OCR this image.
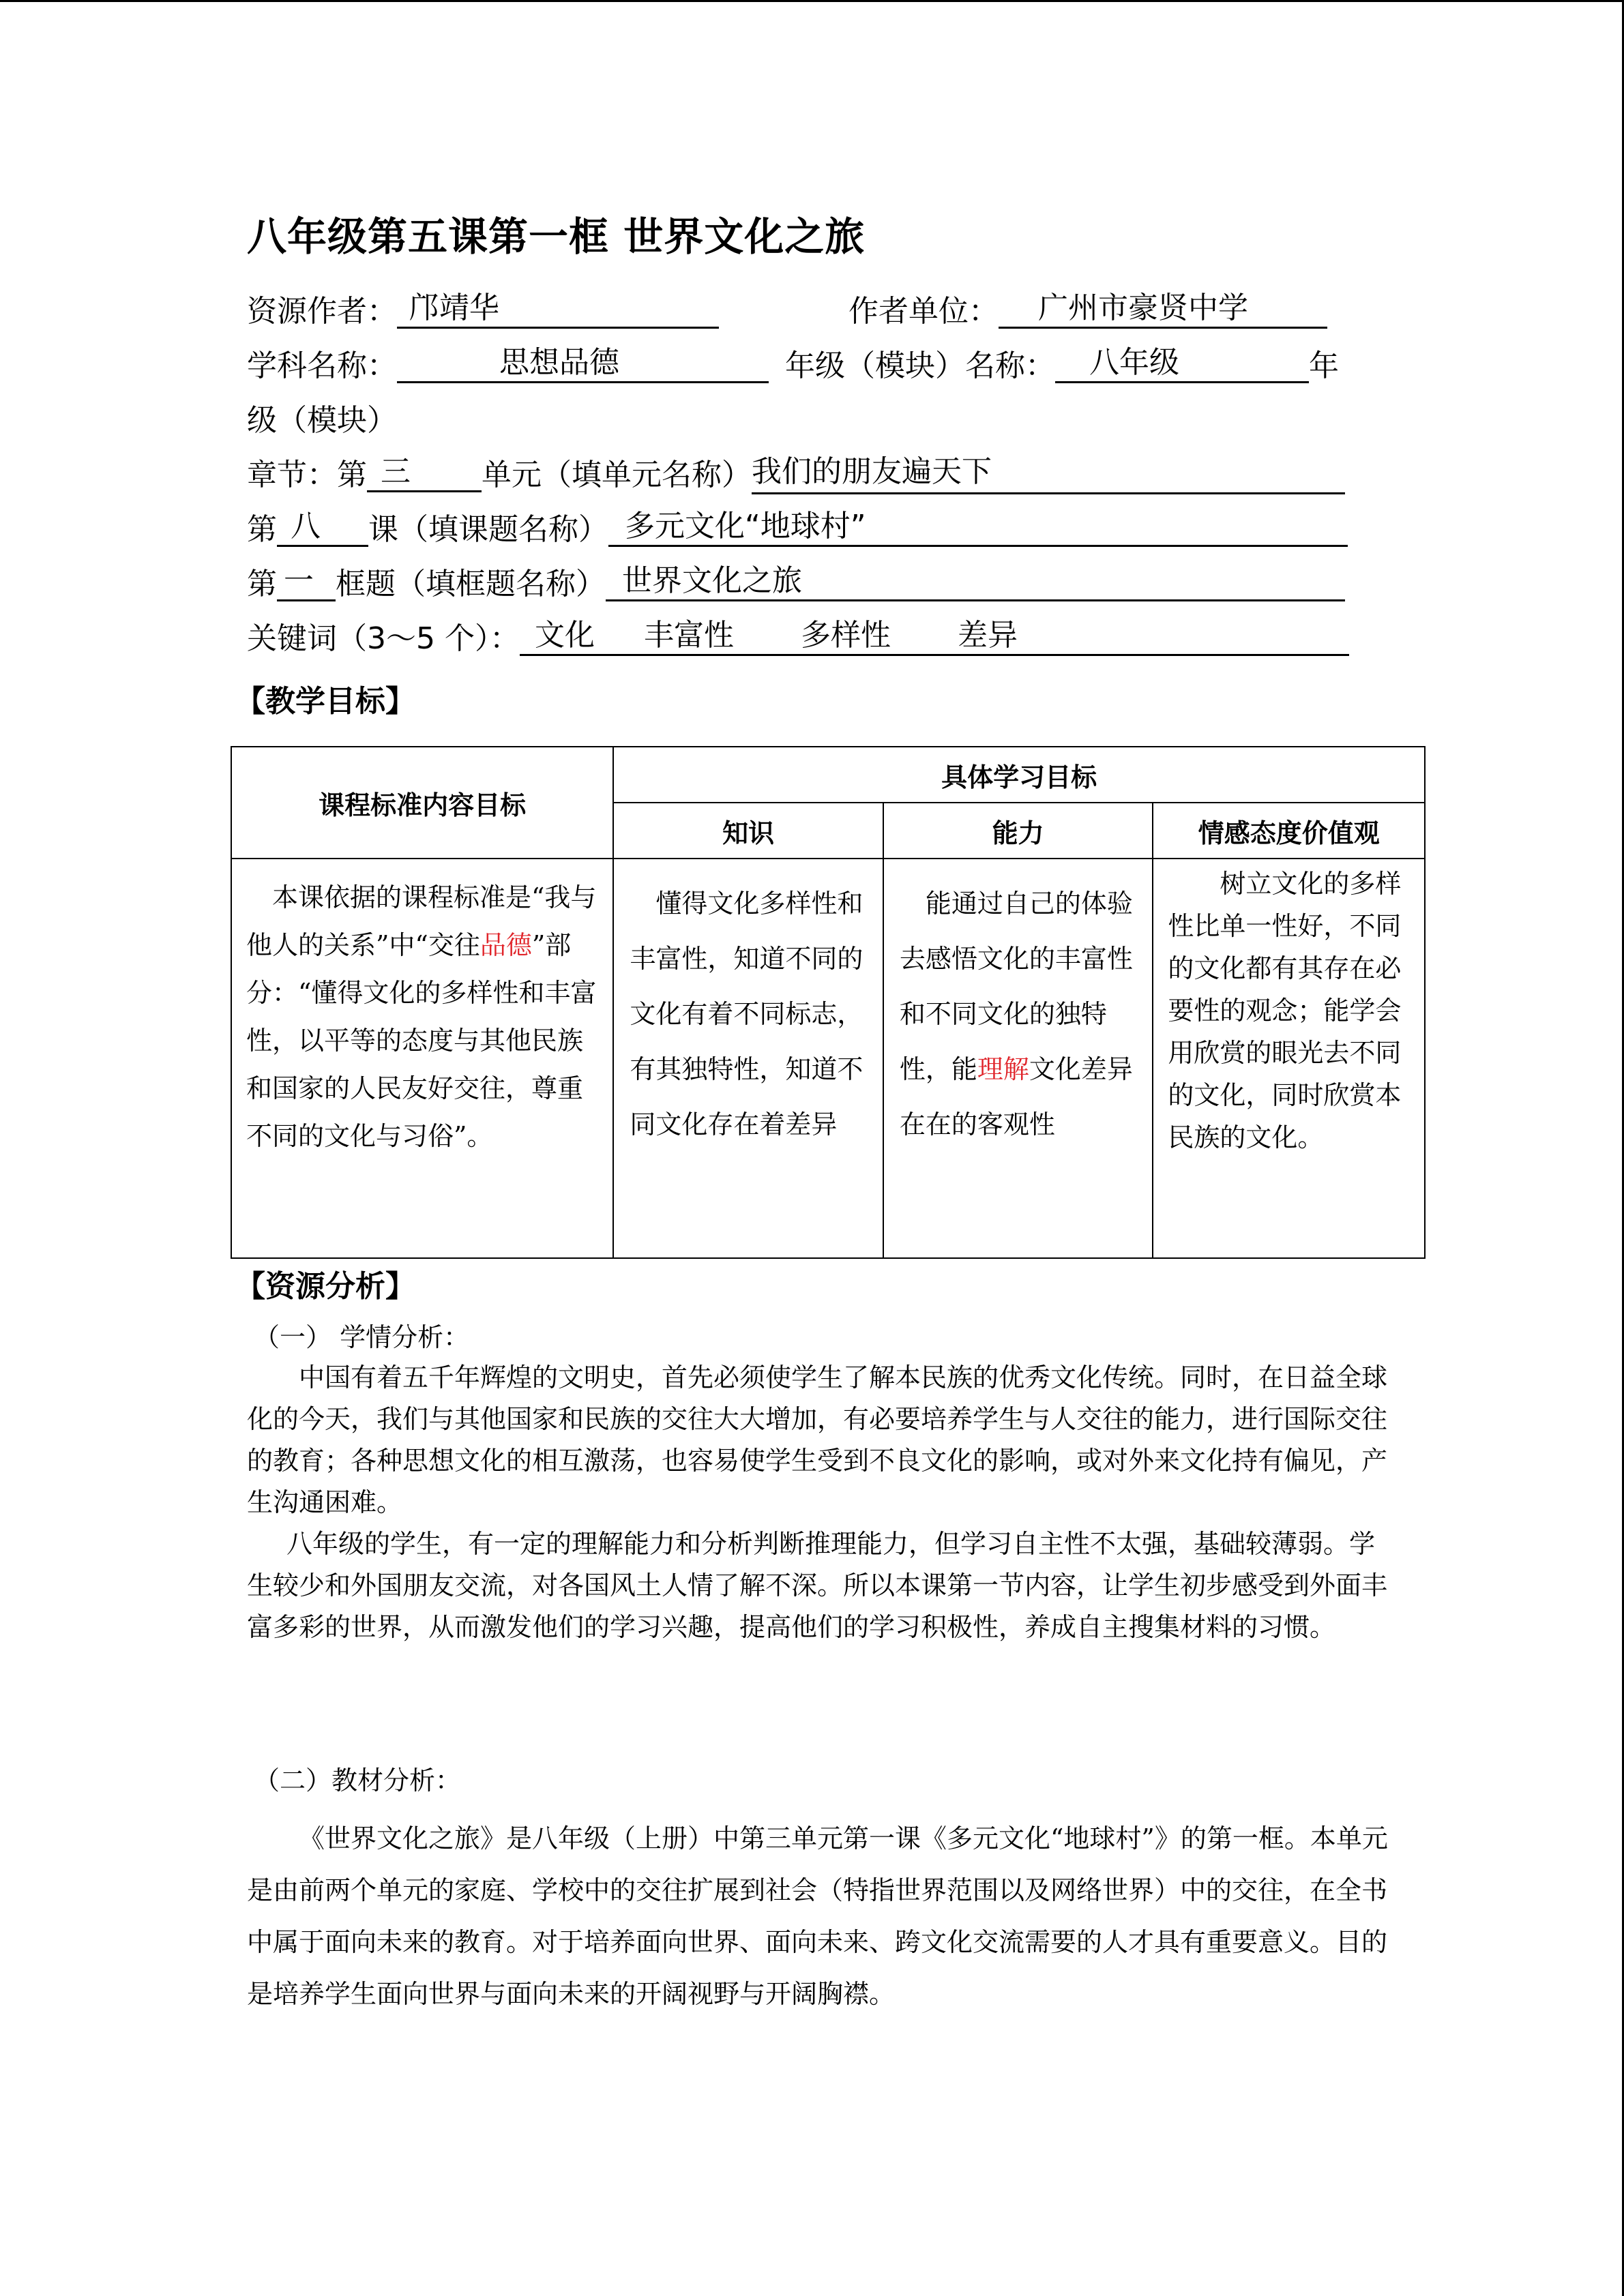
八年级第五课第一框 世界文化之旅
资源作者： 邝靖华	作者单位： 广州市豪贤中学
学科名称：	思想品德	年级（模块）名称： 八年级	年
级（模块）
章节：第 三 单元（填单元名称）我们的朋友遍天下
第 八 课（填课题名称） 多元文化“地球村”
第 一 框题（填框题名称） 世界文化之旅
关键词（3～5 个）： 文化 丰富性 多样性 差异
【教学目标】
课程标准内容目标	具体学习目标		
	知识	能力	情感态度价值观

本课依据的课程标准是“我与他人的关系”中“交往品德”部分：“懂得文化的多样性和丰富性，以平等的态度与其他民族和国家的人民友好交往，尊重不同的文化与习俗”。	懂得文化多样性和丰富性，知道不同的文化有着不同标志，有其独特性，知道不同文化存在着差异	能通过自己的体验去感悟文化的丰富性和不同文化的独特性，能理解文化差异在在的客观性	树立文化的多样性比单一性好，不同的文化都有其存在必要性的观念；能学会用欣赏的眼光去不同的文化，同时欣赏本民族的文化。
【资源分析】
（一） 学情分析：
中国有着五千年辉煌的文明史，首先必须使学生了解本民族的优秀文化传统。同时，在日益全球化的今天，我们与其他国家和民族的交往大大增加，有必要培养学生与人交往的能力，进行国际交往的教育；各种思想文化的相互激荡，也容易使学生受到不良文化的影响，或对外来文化持有偏见，产生沟通困难。
八年级的学生，有一定的理解能力和分析判断推理能力，但学习自主性不太强，基础较薄弱。学生较少和外国朋友交流，对各国风土人情了解不深。所以本课第一节内容，让学生初步感受到外面丰富多彩的世界，从而激发他们的学习兴趣，提高他们的学习积极性，养成自主搜集材料的习惯。
（二）教材分析：
《世界文化之旅》是八年级（上册）中第三单元第一课《多元文化“地球村”》的第一框。本单元是由前两个单元的家庭、学校中的交往扩展到社会（特指世界范围以及网络世界）中的交往，在全书中属于面向未来的教育。对于培养面向世界、面向未来、跨文化交流需要的人才具有重要意义。目的是培养学生面向世界与面向未来的开阔视野与开阔胸襟。
